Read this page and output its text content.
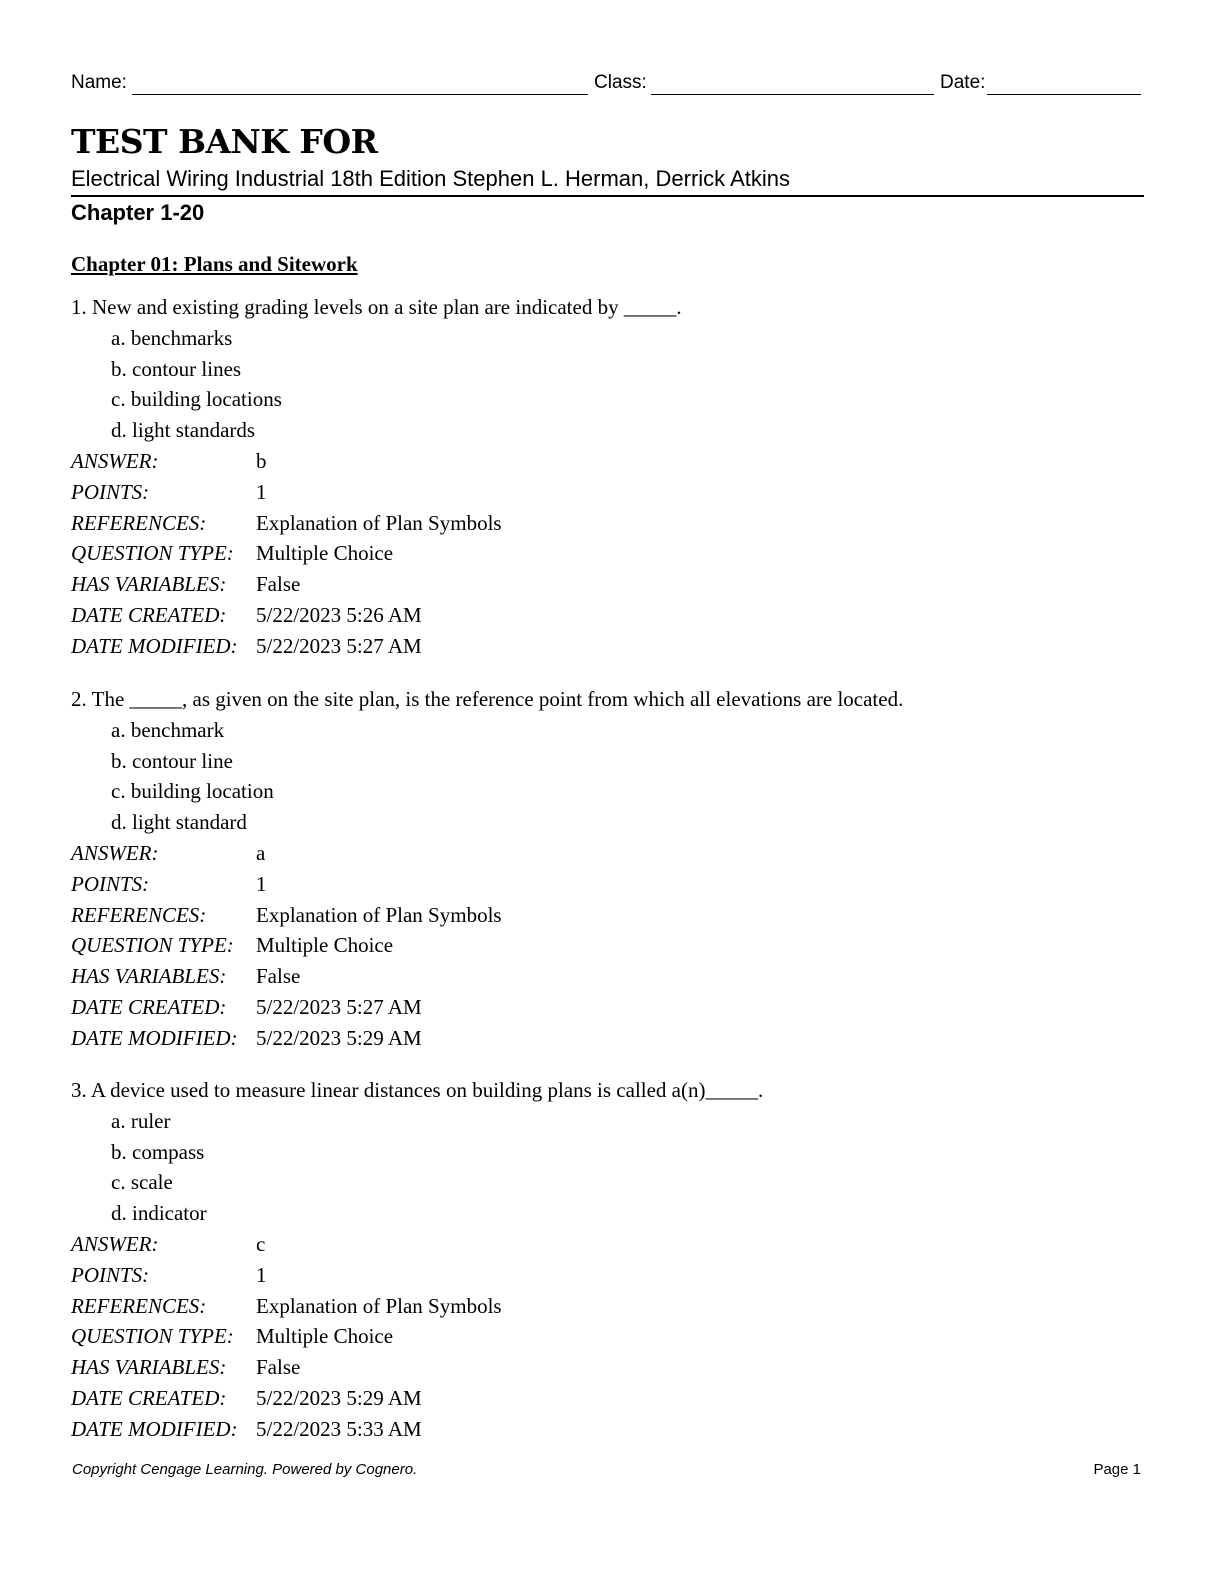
Name:	Class:	Date:
TEST BANK FOR
Electrical Wiring Industrial 18th Edition Stephen L. Herman, Derrick Atkins
Chapter 1-20
Chapter 01: Plans and Sitework
1. New and existing grading levels on a site plan are indicated by _____.
a. benchmarks
b. contour lines
c. building locations
d. light standards
ANSWER:	b
POINTS:	1
REFERENCES: Explanation of Plan Symbols
QUESTION TYPE: Multiple Choice
HAS VARIABLES: False
DATE CREATED: 5/22/2023 5:26 AM
DATE MODIFIED: 5/22/2023 5:27 AM
2. The _____, as given on the site plan, is the reference point from which all elevations are located.
a. benchmark
b. contour line
c. building location
d. light standard
ANSWER:	a
POINTS:	1
REFERENCES: Explanation of Plan Symbols
QUESTION TYPE: Multiple Choice
HAS VARIABLES: False
DATE CREATED: 5/22/2023 5:27 AM
DATE MODIFIED: 5/22/2023 5:29 AM
3. A device used to measure linear distances on building plans is called a(n)_____.
a. ruler
b. compass
c. scale
d. indicator
ANSWER:	c
POINTS:	1
REFERENCES: Explanation of Plan Symbols
QUESTION TYPE: Multiple Choice
HAS VARIABLES: False
DATE CREATED: 5/22/2023 5:29 AM
DATE MODIFIED: 5/22/2023 5:33 AM
Copyright Cengage Learning. Powered by Cognero.	Page 1
